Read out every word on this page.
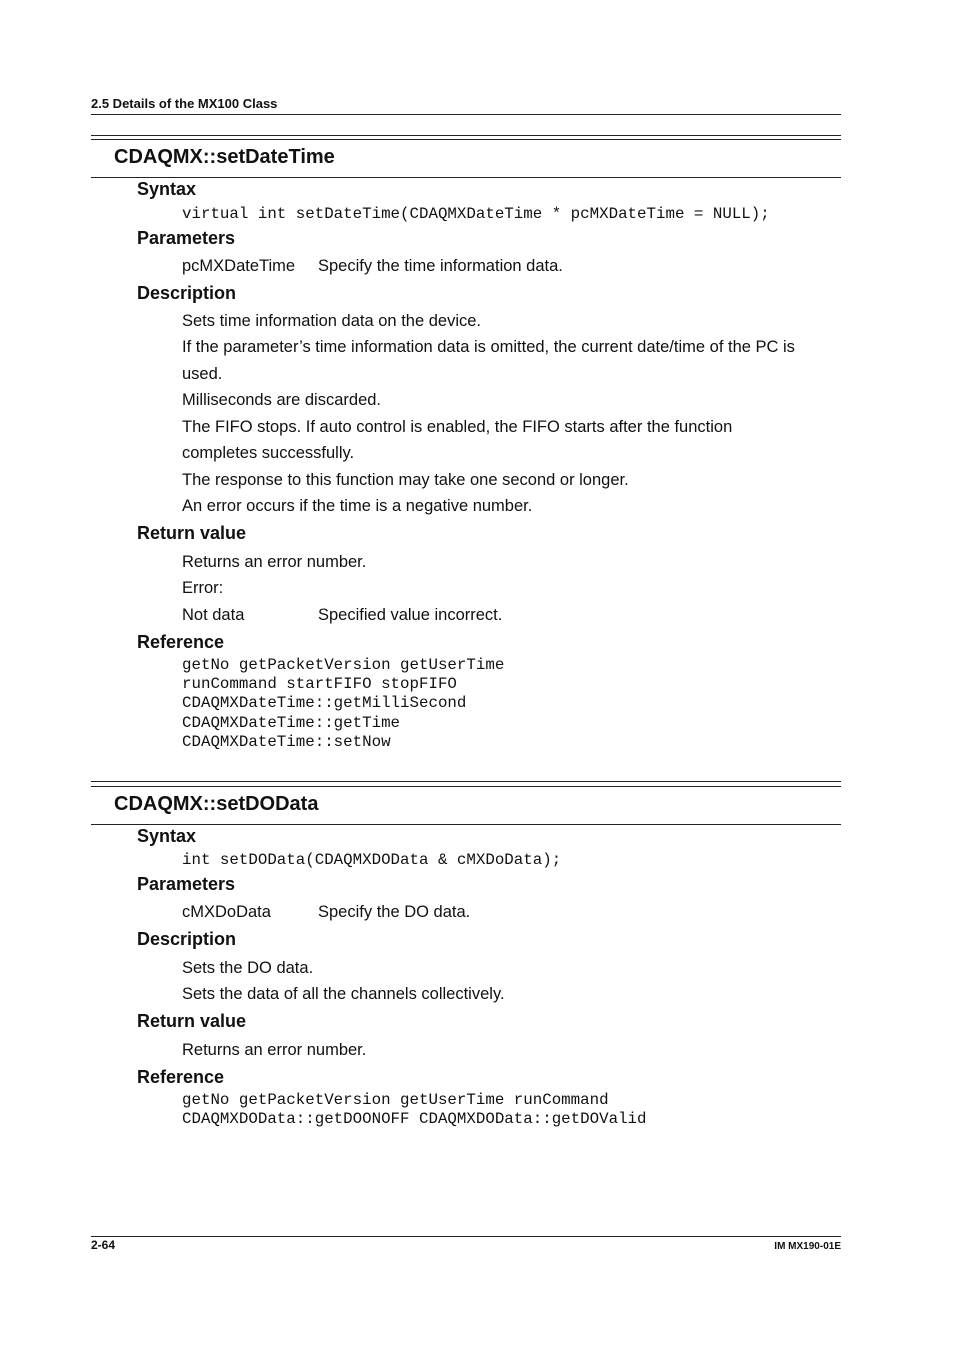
2.5 Details of the MX100 Class
CDAQMX::setDateTime
Syntax
virtual int setDateTime(CDAQMXDateTime * pcMXDateTime = NULL);
Parameters
pcMXDateTime Specify the time information data.
Description
Sets time information data on the device.
If the parameter’s time information data is omitted, the current date/time of the PC is
used.
Milliseconds are discarded.
The FIFO stops. If auto control is enabled, the FIFO starts after the function
completes successfully.
The response to this function may take one second or longer.
An error occurs if the time is a negative number.
Return value
Returns an error number.
Error:
Not data	Specified value incorrect.
Reference
getNo getPacketVersion getUserTime
runCommand startFIFO stopFIFO
CDAQMXDateTime::getMilliSecond
CDAQMXDateTime::getTime
CDAQMXDateTime::setNow
CDAQMX::setDOData
Syntax
int setDOData(CDAQMXDOData & cMXDoData);
Parameters
cMXDoData	Specify the DO data.
Description
Sets the DO data.
Sets the data of all the channels collectively.
Return value
Returns an error number.
Reference
getNo getPacketVersion getUserTime runCommand
CDAQMXDOData::getDOONOFF CDAQMXDOData::getDOValid
2-64	IM MX190-01E
